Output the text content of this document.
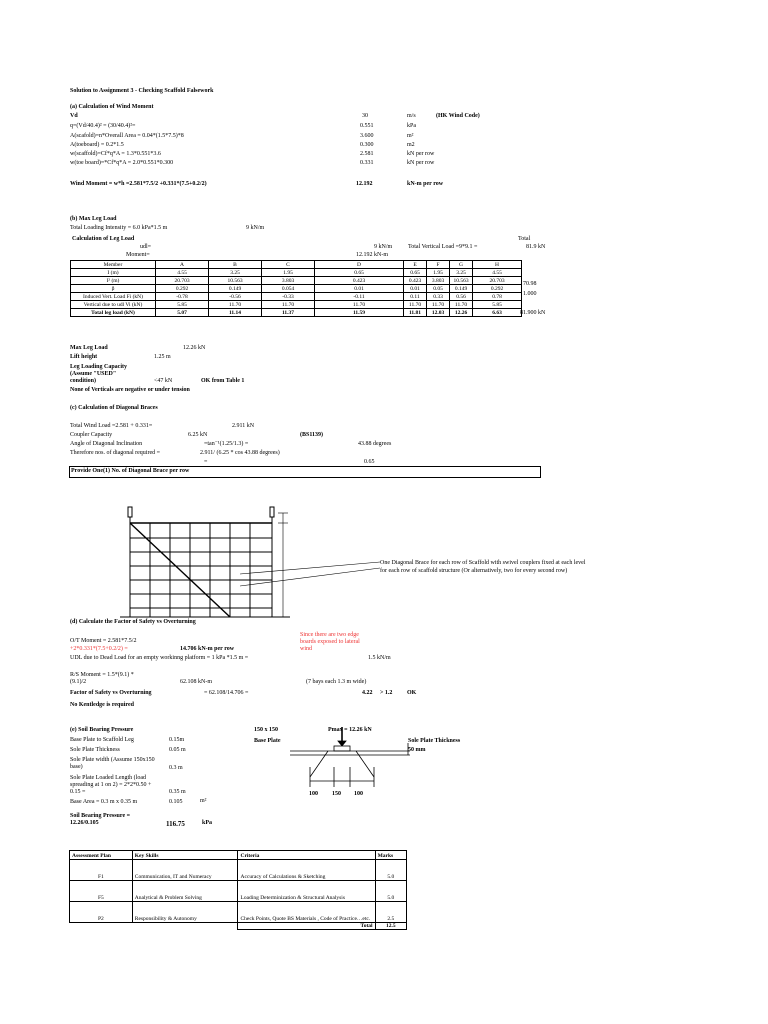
Solution to Assignment 3 - Checking Scaffold Falsework
(a) Calculation of Wind Moment
Vd	30	m/s	(HK Wind Code)
q=(Vd/40.4)² = (30/40.4)²=	0.551	kPa
A(scafold)=n*Overall Area = 0.04*(1.5*7.5)*8	3.600	m²
A(toeboard) = 0.2*1.5	0.300	m2
w(scaffold)=Cf*q*A = 1.3*0.551*3.6	2.581	kN per row
w(toe board)=*Cf*q*A = 2.0*0.551*0.300	0.331	kN per row
Wind Moment = w*h =2.581*7.5/2 +0.331*(7.5+0.2/2)	12.192	kN-m per row
(b) Max Leg Load
Total Loading Intensity = 6.0 kPa*1.5 m	9 kN/m
Calculation of Leg Load	Total
udl=	9 kN/m	Total Vertical Load =9*9.1 =	81.9 kN
Moment=	12.192 kN-m
Member	A	B	C	D	E	F	G	H
I (m)	4.55	3.25	1.95	0.65	0.65	1.95	3.25	4.55
I² (m)	20.703	10.563	3.803	0.423	0.423	3.803	10.563	20.703
β	0.292	0.149	0.054	0.01	0.01	0.05	0.149	0.292
Induced Vert. Load Fi (kN)	-0.78	-0.56	-0.33	-0.11	0.11	0.33	0.56	0.78
Vertical due to udl Vi (kN)	5.85	11.70	11.70	11.70	11.70	11.70	11.70	5.85
Total leg load (kN)	5.07	11.14	11.37	11.59	11.81	12.03	12.26	6.63
70.98
1.000
81.900 kN
Max Leg Load	12.26 kN
Lift height	1.25 m
Leg Loading Capacity
(Assume "USED"
condition)	<47 kN	OK from Table 1
None of Verticals are negative or under tension
(c) Calculation of Diagonal Braces
Total Wind Load =2.581 + 0.331=	2.911 kN
Coupler Capacity	6.25 kN	(BS1139)
Angle of Diagonal Inclination	=tan⁻¹(1.25/1.3) =	43.88 degrees
Therefore nos. of diagonal required =	2.911/ (6.25 * cos 43.88 degrees)
=	0.65
Provide One(1) No. of Diagonal Brace per row
One Diagonal Brace for each row of Scaffold with swivel couplers fixed at each level
for each row of scaffold structure (Or alternatively, two for every second row)
(d) Calculate the Factor of Safety vs Overturning
Since there are two edge
boards exposed to lateral
wind
O/T Moment = 2.581*7.5/2
+2*0.331*(7.5+0.2/2) =	14.706 kN-m per row
UDL due to Dead Load for an empty workinng platform = 1 kPa *1.5 m =	1.5 kN/m
R/S Moment = 1.5*(9.1) *
(9.1)/2	62.108 kN-m	(7 bays each 1.3 m wide)
Factor of Safety vs Overturning	= 62.108/14.706 =	4.22 > 1.2 OK
No Kentledge is required
(e) Soil Bearing Pressure
Base Plate to Scaffold Leg	0.15m
Sole Plate Thickness	0.05 m
Sole Plate width (Assume 150x150 base)	0.3 m
Sole Plate Loaded Length (load spreading at 1 on 2) = 2*2*0.50 + 0.15 =	0.35 m
Base Area = 0.3 m x 0.35 m	0.105	m²
Soil Bearing Pressure =
12.26/0.105	116.75	kPa
150 x 150
Base Plate
Pmax = 12.26 kN
Sole Plate Thickness
50 mm
100 150 100
Assessment Plan	Key Skills	Criteria	Marks
F1	Communication, IT and Numeracy	Accuracy of Calculations & Sketching	5.0
F5	Analytical & Problem Solving	Loading Determinization & Structural Analysis	5.0
P2	Responsibility & Autonomy	Check Points, Quote BS Materials , Code of Practice…etc.	2.5
		Total	12.5
